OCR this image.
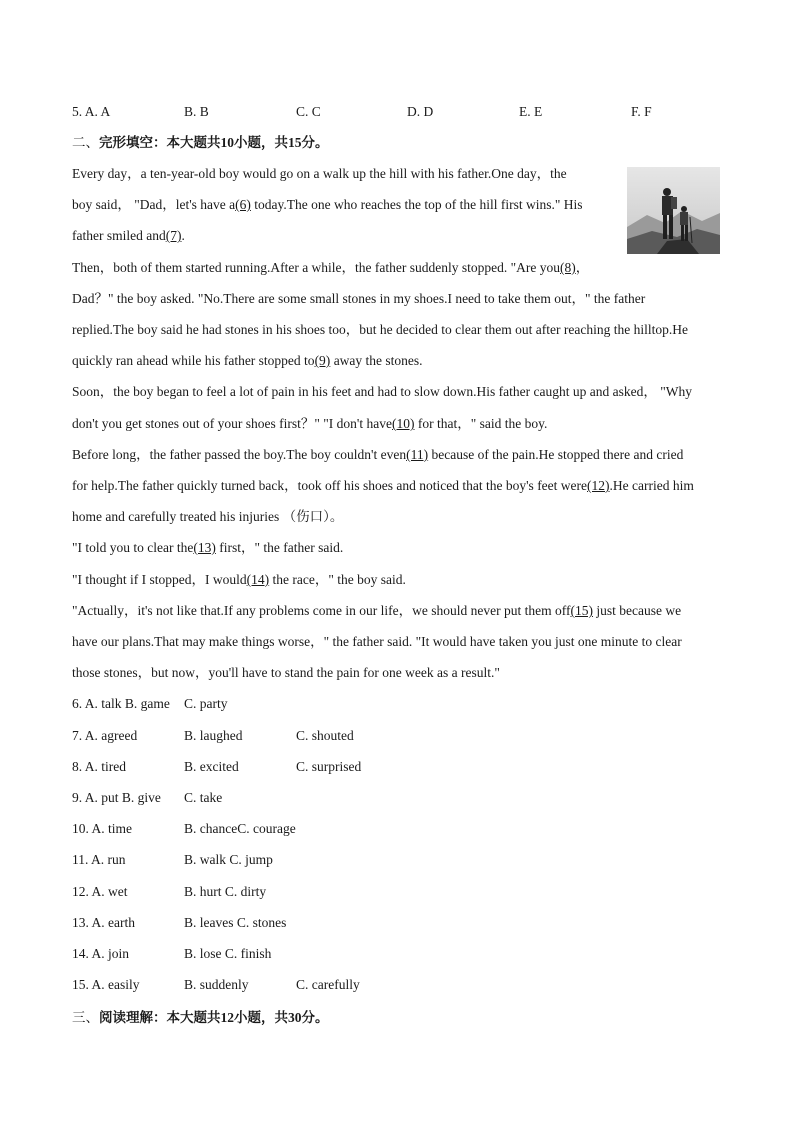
5. A. A	B. B	C. C	D. D	E. E	F. F
二、完形填空：本大题共10小题，共15分。
Every day，a ten-year-old boy would go on a walk up the hill with his father.One day，the
boy said， "Dad，let's have a(6) today.The one who reaches the top of the hill first wins." His
father smiled and(7).
Then，both of them started running.After a while，the father suddenly stopped. "Are you(8)，
Dad？" the boy asked. "No.There are some small stones in my shoes.I need to take them out，" the father
replied.The boy said he had stones in his shoes too，but he decided to clear them out after reaching the hilltop.He
quickly ran ahead while his father stopped to(9) away the stones.
Soon，the boy began to feel a lot of pain in his feet and had to slow down.His father caught up and asked， "Why
don't you get stones out of your shoes first？" "I don't have(10) for that，" said the boy.
Before long，the father passed the boy.The boy couldn't even(11) because of the pain.He stopped there and cried
for help.The father quickly turned back，took off his shoes and noticed that the boy's feet were(12).He carried him
home and carefully treated his injuries （伤口）。
"I told you to clear the(13) first，" the father said.
"I thought if I stopped，I would(14) the race，" the boy said.
"Actually，it's not like that.If any problems come in our life，we should never put them off(15) just because we
have our plans.That may make things worse，" the father said. "It would have taken you just one minute to clear
those stones，but now，you'll have to stand the pain for one week as a result."
6. A. talk B. game C. party
7. A. agreed	B. laughed	C. shouted
8. A. tired	B. excited	C. surprised
9. A. put B. give C. take
10. A. time	B. chanceC. courage
11. A. run	B. walk C. jump
12. A. wet	B. hurt C. dirty
13. A. earth	B. leaves C. stones
14. A. join	B. lose C. finish
15. A. easily	B. suddenly	C. carefully
三、阅读理解：本大题共12小题，共30分。
